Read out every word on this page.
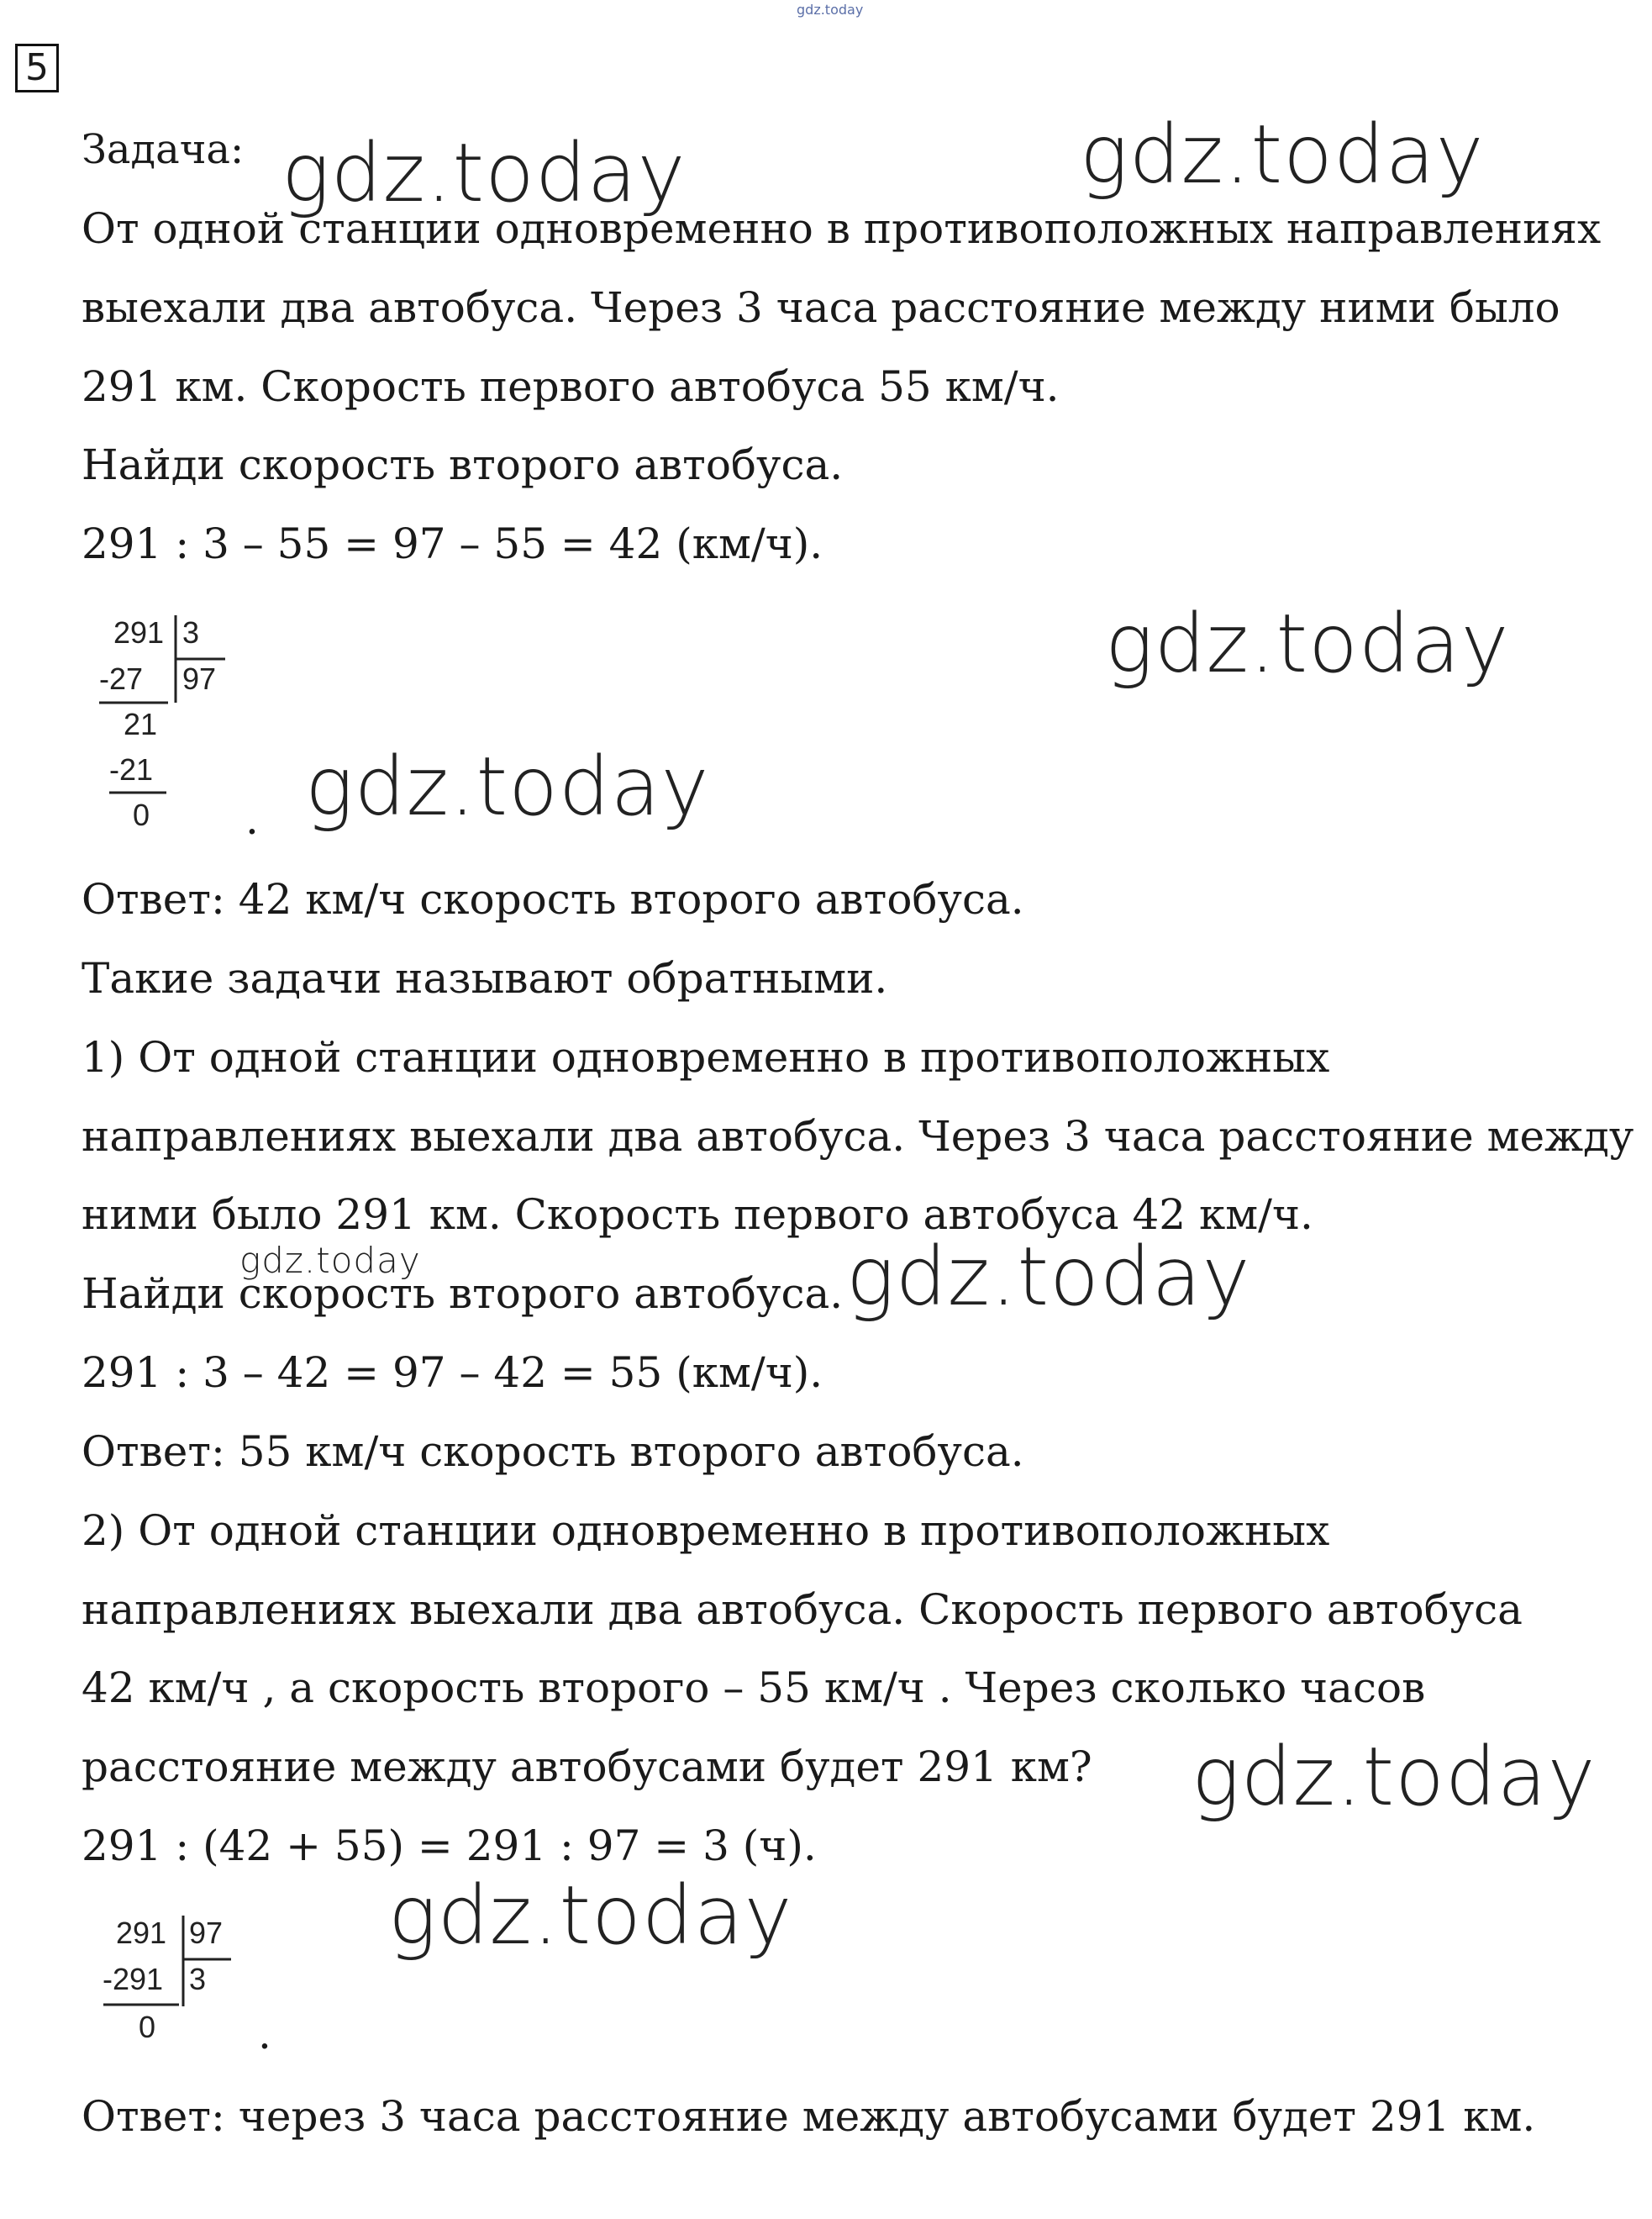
gdz.today
5
Задача: gdz.today	gdz.today
gdz.today
gdz.today
gdz.today	gdz.today
gdz.today
gdz.today
От одной станции одновременно в противоположных направлениях
выехали два автобуса. Через 3 часа расстояние между ними было
291 км. Скорость первого автобуса 55 км/ч.
Найди скорость второго автобуса.
291 : 3 – 55 = 97 – 55 = 42 (км/ч).
291 3
97
-27
21
-21
0 .
Ответ: 42 км/ч скорость второго автобуса.
Такие задачи называют обратными.
1) От одной станции одновременно в противоположных
направлениях выехали два автобуса. Через 3 часа расстояние между
ними было 291 км. Скорость первого автобуса 42 км/ч.
Найди скорость второго автобуса.
291 : 3 – 42 = 97 – 42 = 55 (км/ч).
Ответ: 55 км/ч скорость второго автобуса.
2) От одной станции одновременно в противоположных
направлениях выехали два автобуса. Скорость первого автобуса
42 км/ч , а скорость второго – 55 км/ч . Через сколько часов
расстояние между автобусами будет 291 км?
291 : (42 + 55) = 291 : 97 = 3 (ч).
291 97
3
-291
0 .
Ответ: через 3 часа расстояние между автобусами будет 291 км.
